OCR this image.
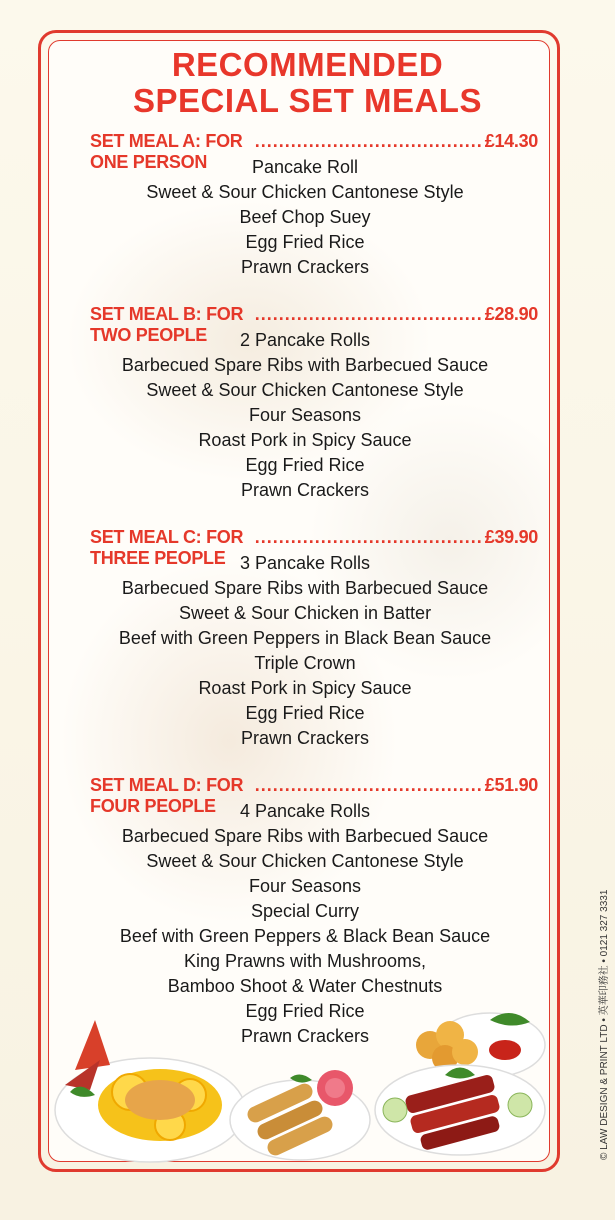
RECOMMENDED
SPECIAL SET MEALS
SET MEAL A: FOR ONE PERSON
...................................... £14.30
Pancake Roll
Sweet & Sour Chicken Cantonese Style
Beef Chop Suey
Egg Fried Rice
Prawn Crackers
SET MEAL B: FOR TWO PEOPLE
...................................... £28.90
2 Pancake Rolls
Barbecued Spare Ribs with Barbecued Sauce
Sweet & Sour Chicken Cantonese Style
Four Seasons
Roast Pork in Spicy Sauce
Egg Fried Rice
Prawn Crackers
SET MEAL C: FOR THREE PEOPLE
...................................... £39.90
3 Pancake Rolls
Barbecued Spare Ribs with Barbecued Sauce
Sweet & Sour Chicken in Batter
Beef with Green Peppers in Black Bean Sauce
Triple Crown
Roast Pork in Spicy Sauce
Egg Fried Rice
Prawn Crackers
SET MEAL D: FOR FOUR PEOPLE
...................................... £51.90
4 Pancake Rolls
Barbecued Spare Ribs with Barbecued Sauce
Sweet & Sour Chicken Cantonese Style
Four Seasons
Special Curry
Beef with Green Peppers & Black Bean Sauce
King Prawns with Mushrooms,
Bamboo Shoot & Water Chestnuts
Egg Fried Rice
Prawn Crackers	© LAW DESIGN & PRINT LTD • 英華印務社 • 0121 327 3331
